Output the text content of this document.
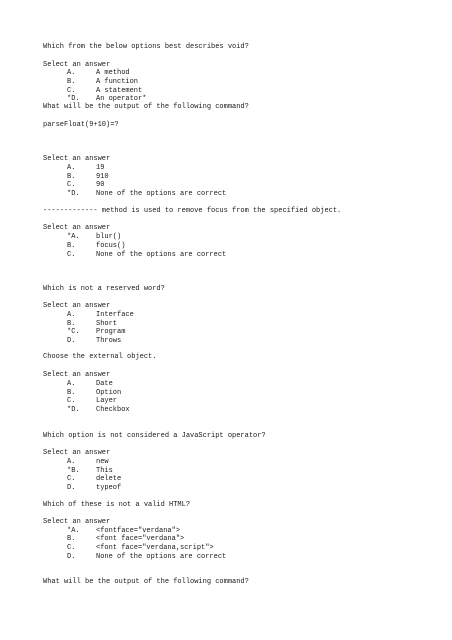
Which from the below options best describes void?
Select an answer
A.	A method
B.	A function
C.	A statement
*D. An operator*
What will be the output of the following command?
parseFloat(9+10)=?
Select an answer
A.	19
B.	910
C.	90
*D. None of the options are correct
------------- method is used to remove focus from the specified object.
Select an answer
*A. blur()
B.	focus()
C.	None of the options are correct
Which is not a reserved word?
Select an answer
A.	Interface
B.	Short
*C. Program
D.	Throws
Choose the external object.
Select an answer
A.	Date
B.	Option
C.	Layer
*D. Checkbox
Which option is not considered a JavaScript operator?
Select an answer
A.	new
*B. This
C.	delete
D.	typeof
Which of these is not a valid HTML?
Select an answer
*A. <fontface="verdana">
B.	<font face="verdana">
C.	<font face="verdana,script">
D.	None of the options are correct
What will be the output of the following command?
